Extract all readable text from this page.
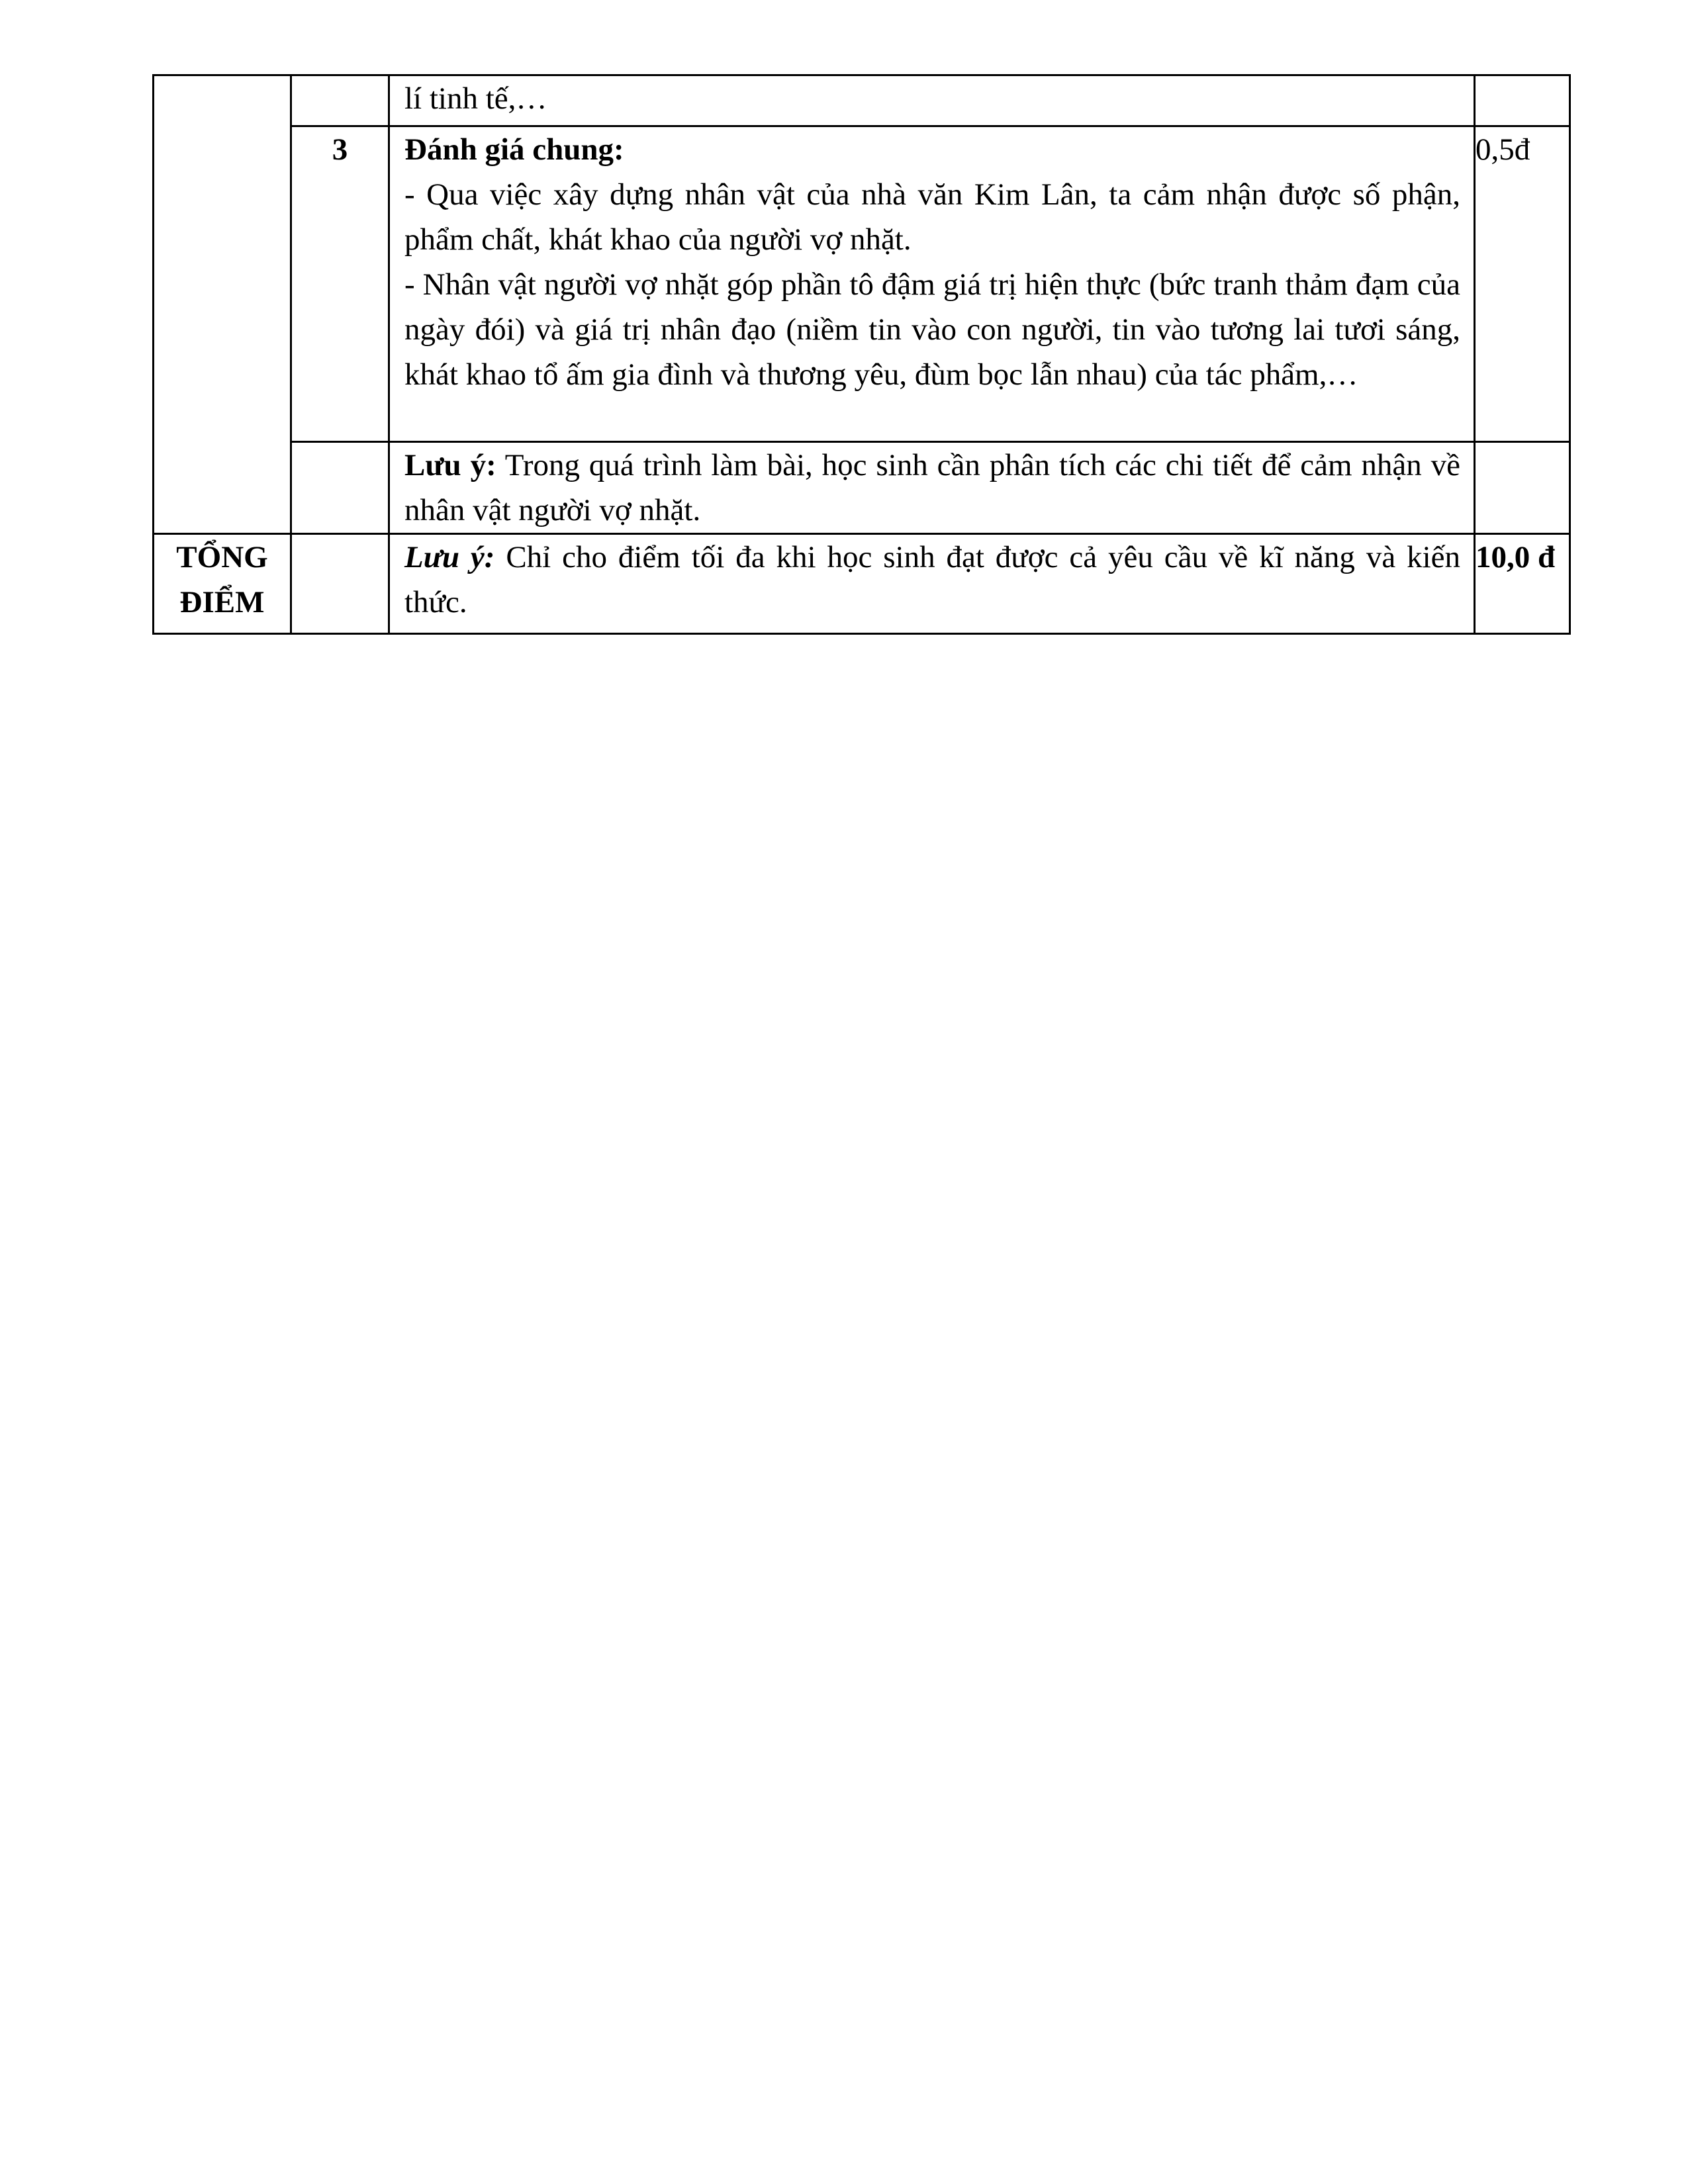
		lí tinh tế,…	

	3	Đánh giá chung:

- Qua việc xây dựng nhân vật của nhà văn Kim Lân, ta cảm nhận được số phận, phẩm chất, khát khao của người vợ nhặt.

- Nhân vật người vợ nhặt góp phần tô đậm giá trị hiện thực (bức tranh thảm đạm của ngày đói) và giá trị nhân đạo (niềm tin vào con người, tin vào tương lai tươi sáng, khát khao tổ ấm gia đình và thương yêu, đùm bọc lẫn nhau) của tác phẩm,…	0,5đ

		Lưu ý: Trong quá trình làm bài, học sinh cần phân tích các chi tiết để cảm nhận về nhân vật người vợ nhặt.	

TỔNG ĐIỂM		Lưu ý: Chỉ cho điểm tối đa khi học sinh đạt được cả yêu cầu về kĩ năng và kiến thức.	10,0 đ
